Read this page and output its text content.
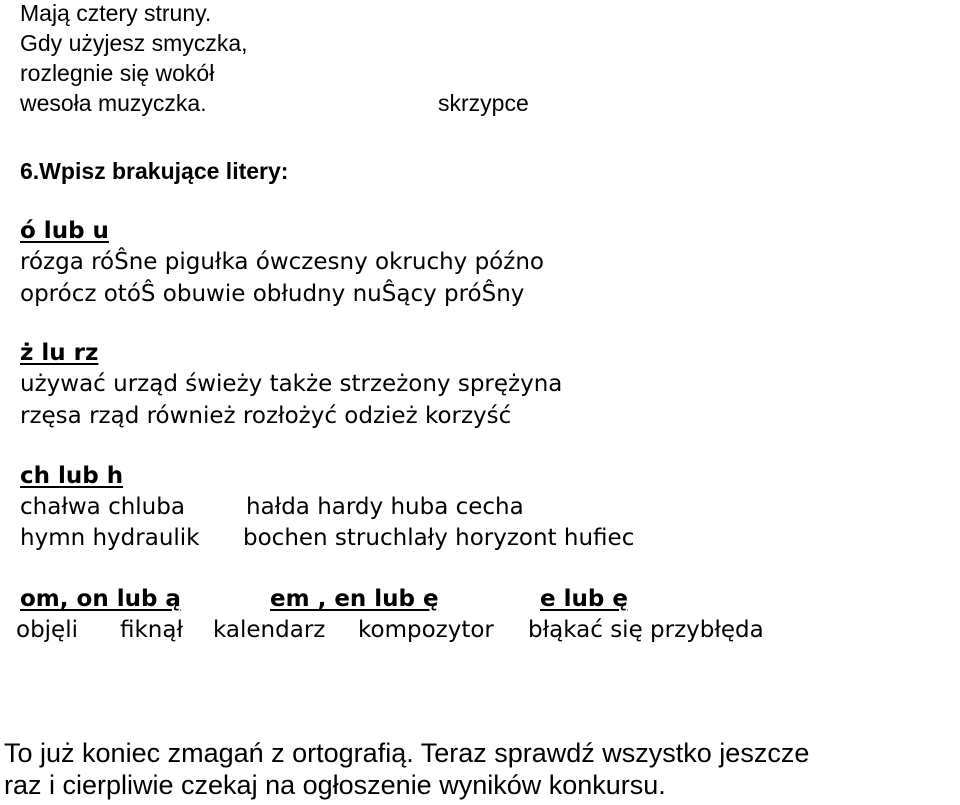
Mają cztery struny.
Gdy użyjesz smyczka,
rozlegnie się wokół
wesoła muzyczka.	skrzypce
6.Wpisz brakujące litery:
ó lub u
rózga róŜne pigułka ówczesny okruchy późno
oprócz otóŜ obuwie obłudny nuŜący próŜny
ż lu rz
używać urząd świeży także strzeżony sprężyna
rzęsa rząd również rozłożyć odzież korzyść
ch lub h
chałwa chluba	hałda hardy huba cecha
hymn hydraulik bochen struchlały horyzont hufiec
om, on lub ą	em , en lub ę	e lub ę
objęli fiknął kalendarz kompozytor błąkać się przybłęda
To już koniec zmagań z ortografią. Teraz sprawdź wszystko jeszcze
raz i cierpliwie czekaj na ogłoszenie wyników konkursu.
